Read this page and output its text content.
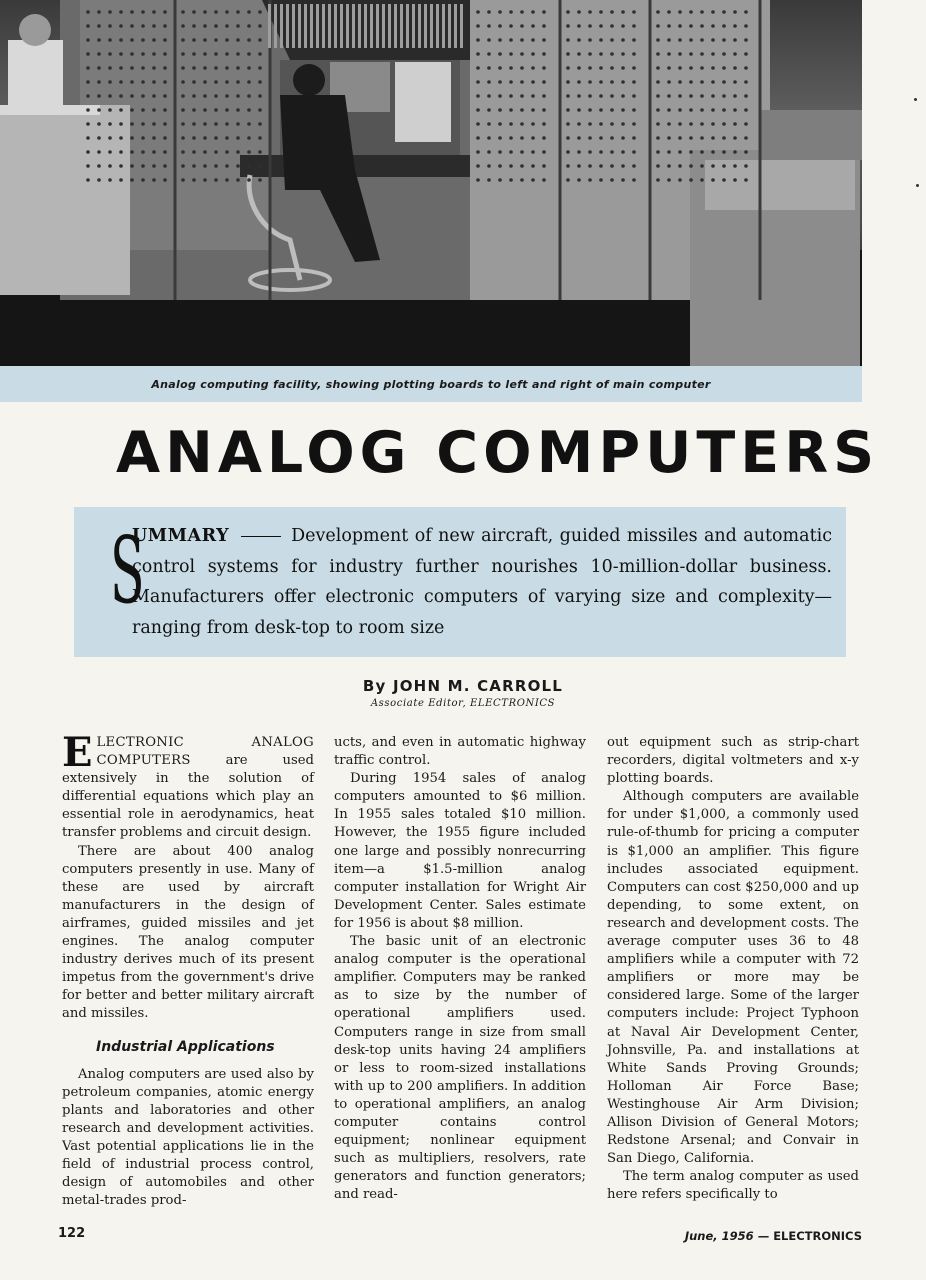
Analog computing facility, showing plotting boards to left and right of main computer
ANALOG COMPUTERS
S
UMMARY	Development of new aircraft, guided missiles and automatic control systems for industry further nourishes 10-million-dollar business. Manufacturers offer electronic computers of varying size and complexity—ranging from desk-top to room size
By JOHN M. CARROLL
Associate Editor, ELECTRONICS

ELECTRONIC ANALOG COMPUTERS are used extensively in the solution of differential equations which play an essential role in aerodynamics, heat transfer problems and circuit design.

There are about 400 analog computers presently in use. Many of these are used by aircraft manufacturers in the design of airframes, guided missiles and jet engines. The analog computer industry derives much of its present impetus from the government's drive for better and better military aircraft and missiles.

Industrial Applications

Analog computers are used also by petroleum companies, atomic energy plants and laboratories and other research and development activities. Vast potential applications lie in the field of industrial process control, design of automobiles and other metal-trades prod-

ucts, and even in automatic highway traffic control.

During 1954 sales of analog computers amounted to $6 million. In 1955 sales totaled $10 million. However, the 1955 figure included one large and possibly nonrecurring item—a $1.5-million analog computer installation for Wright Air Development Center. Sales estimate for 1956 is about $8 million.

The basic unit of an electronic analog computer is the operational amplifier. Computers may be ranked as to size by the number of operational amplifiers used. Computers range in size from small desk-top units having 24 amplifiers or less to room-sized installations with up to 200 amplifiers. In addition to operational amplifiers, an analog computer contains control equipment; nonlinear equipment such as multipliers, resolvers, rate generators and function generators; and read-

out equipment such as strip-chart recorders, digital voltmeters and x-y plotting boards.

Although computers are available for under $1,000, a commonly used rule-of-thumb for pricing a computer is $1,000 an amplifier. This figure includes associated equipment. Computers can cost $250,000 and up depending, to some extent, on research and development costs. The average computer uses 36 to 48 amplifiers while a computer with 72 amplifiers or more may be considered large. Some of the larger computers include: Project Typhoon at Naval Air Development Center, Johnsville, Pa. and installations at White Sands Proving Grounds; Holloman Air Force Base; Westinghouse Air Arm Division; Allison Division of General Motors; Redstone Arsenal; and Convair in San Diego, California.

The term analog computer as used here refers specifically to

122	June, 1956 — ELECTRONICS
